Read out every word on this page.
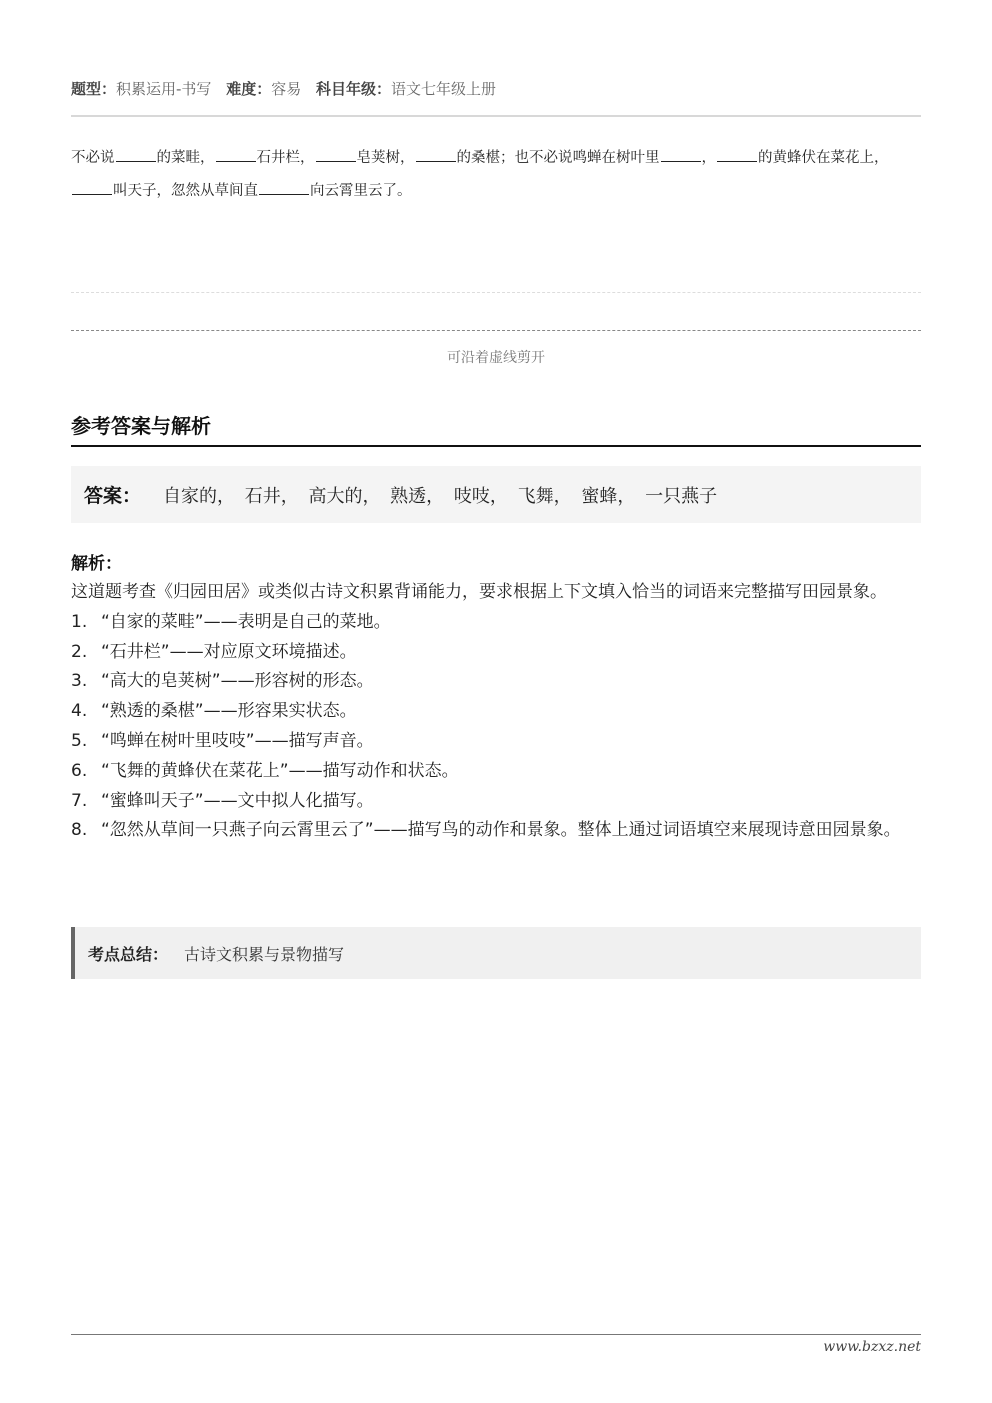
题型：积累运用-书写 难度：容易 科目年级：语文七年级上册
不必说	的菜畦，	石井栏，	皂荚树，	的桑椹；也不必说鸣蝉在树叶里	，	的黄蜂伏在菜花上，叫天子，忽然从草间直	向云霄里云了。
可沿着虚线剪开
参考答案与解析
答案： 自家的， 石井， 高大的， 熟透， 吱吱， 飞舞， 蜜蜂， 一只燕子
解析：

这道题考查《归园田居》或类似古诗文积累背诵能力，要求根据上下文填入恰当的词语来完整描写田园景象。

1. “自家的菜畦”——表明是自己的菜地。
2. “石井栏”——对应原文环境描述。
3. “高大的皂荚树”——形容树的形态。
4. “熟透的桑椹”——形容果实状态。
5. “鸣蝉在树叶里吱吱”——描写声音。
6. “飞舞的黄蜂伏在菜花上”——描写动作和状态。
7. “蜜蜂叫天子”——文中拟人化描写。
8. “忽然从草间一只燕子向云霄里云了”——描写鸟的动作和景象。整体上通过词语填空来展现诗意田园景象。
考点总结： 古诗文积累与景物描写
www.bzxz.net
